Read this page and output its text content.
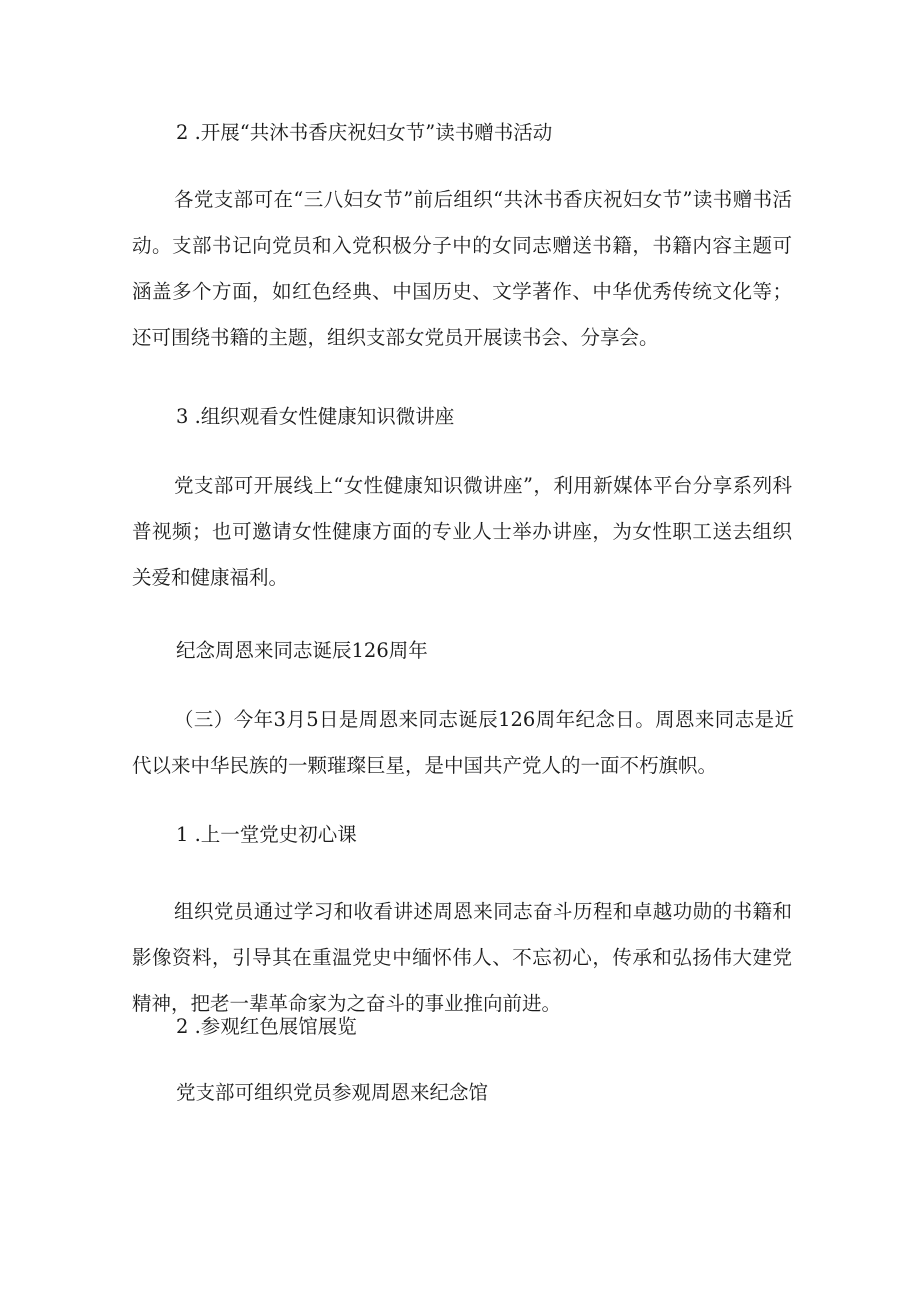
2 .开展“共沐书香庆祝妇女节”读书赠书活动
各党支部可在“三八妇女节”前后组织“共沐书香庆祝妇女节”读书赠书活动。支部书记向党员和入党积极分子中的女同志赠送书籍，书籍内容主题可涵盖多个方面，如红色经典、中国历史、文学著作、中华优秀传统文化等；还可围绕书籍的主题，组织支部女党员开展读书会、分享会。
3 .组织观看女性健康知识微讲座
党支部可开展线上“女性健康知识微讲座”，利用新媒体平台分享系列科普视频；也可邀请女性健康方面的专业人士举办讲座，为女性职工送去组织关爱和健康福利。
纪念周恩来同志诞辰126周年
（三）今年3月5日是周恩来同志诞辰126周年纪念日。周恩来同志是近代以来中华民族的一颗璀璨巨星，是中国共产党人的一面不朽旗帜。
1 .上一堂党史初心课
组织党员通过学习和收看讲述周恩来同志奋斗历程和卓越功勋的书籍和影像资料，引导其在重温党史中缅怀伟人、不忘初心，传承和弘扬伟大建党精神，把老一辈革命家为之奋斗的事业推向前进。
2 .参观红色展馆展览
党支部可组织党员参观周恩来纪念馆
